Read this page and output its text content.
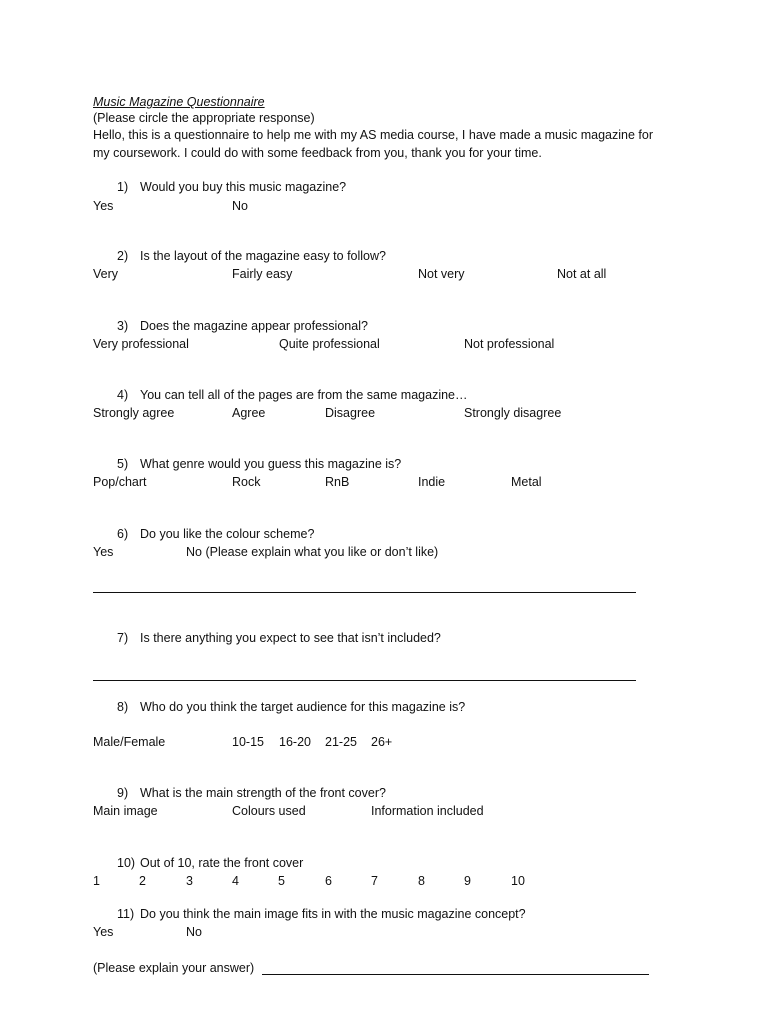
Music Magazine Questionnaire
(Please circle the appropriate response)
Hello, this is a questionnaire to help me with my AS media course, I have made a music magazine for
my coursework. I could do with some feedback from you, thank you for your time.
1) Would you buy this music magazine?
Yes	No
2) Is the layout of the magazine easy to follow?
Very	Fairly easy	Not very	Not at all
3) Does the magazine appear professional?
Very professional	Quite professional	Not professional
4) You can tell all of the pages are from the same magazine…
Strongly agree	Agree	Disagree	Strongly disagree
5) What genre would you guess this magazine is?
Pop/chart	Rock	RnB	Indie	Metal
6) Do you like the colour scheme?
Yes	No (Please explain what you like or don’t like)
7) Is there anything you expect to see that isn’t included?
8) Who do you think the target audience for this magazine is?
Male/Female	10-15 16-20 21-25 26+
9) What is the main strength of the front cover?
Main image	Colours used	Information included
10) Out of 10, rate the front cover
1	2	3	4	5	6	7	8	9	10
11) Do you think the main image fits in with the music magazine concept?
Yes	No
(Please explain your answer)
